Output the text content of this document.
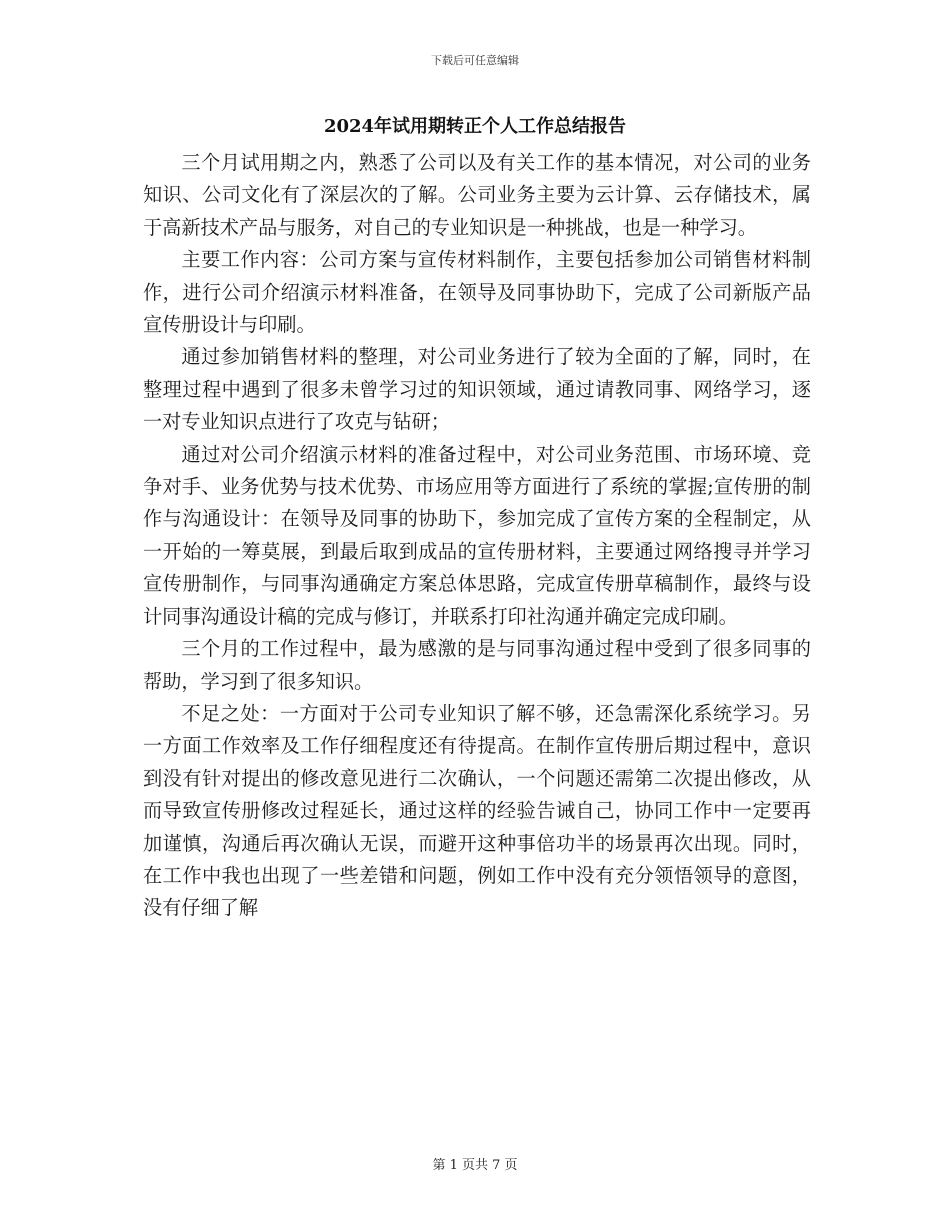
下载后可任意编辑
2024年试用期转正个人工作总结报告

三个月试用期之内，熟悉了公司以及有关工作的基本情况，对公司的业务知识、公司文化有了深层次的了解。公司业务主要为云计算、云存储技术，属于高新技术产品与服务，对自己的专业知识是一种挑战，也是一种学习。

主要工作内容：公司方案与宣传材料制作，主要包括参加公司销售材料制作，进行公司介绍演示材料准备，在领导及同事协助下，完成了公司新版产品宣传册设计与印刷。

通过参加销售材料的整理，对公司业务进行了较为全面的了解，同时，在整理过程中遇到了很多未曾学习过的知识领域，通过请教同事、网络学习，逐一对专业知识点进行了攻克与钻研；

通过对公司介绍演示材料的准备过程中，对公司业务范围、市场环境、竞争对手、业务优势与技术优势、市场应用等方面进行了系统的掌握;宣传册的制作与沟通设计：在领导及同事的协助下，参加完成了宣传方案的全程制定，从一开始的一筹莫展，到最后取到成品的宣传册材料，主要通过网络搜寻并学习宣传册制作，与同事沟通确定方案总体思路，完成宣传册草稿制作，最终与设计同事沟通设计稿的完成与修订，并联系打印社沟通并确定完成印刷。

三个月的工作过程中，最为感激的是与同事沟通过程中受到了很多同事的帮助，学习到了很多知识。

不足之处：一方面对于公司专业知识了解不够，还急需深化系统学习。另一方面工作效率及工作仔细程度还有待提高。在制作宣传册后期过程中，意识到没有针对提出的修改意见进行二次确认，一个问题还需第二次提出修改，从而导致宣传册修改过程延长，通过这样的经验告诫自己，协同工作中一定要再加谨慎，沟通后再次确认无误，而避开这种事倍功半的场景再次出现。同时，在工作中我也出现了一些差错和问题，例如工作中没有充分领悟领导的意图，没有仔细了解

第 1 页共 7 页
